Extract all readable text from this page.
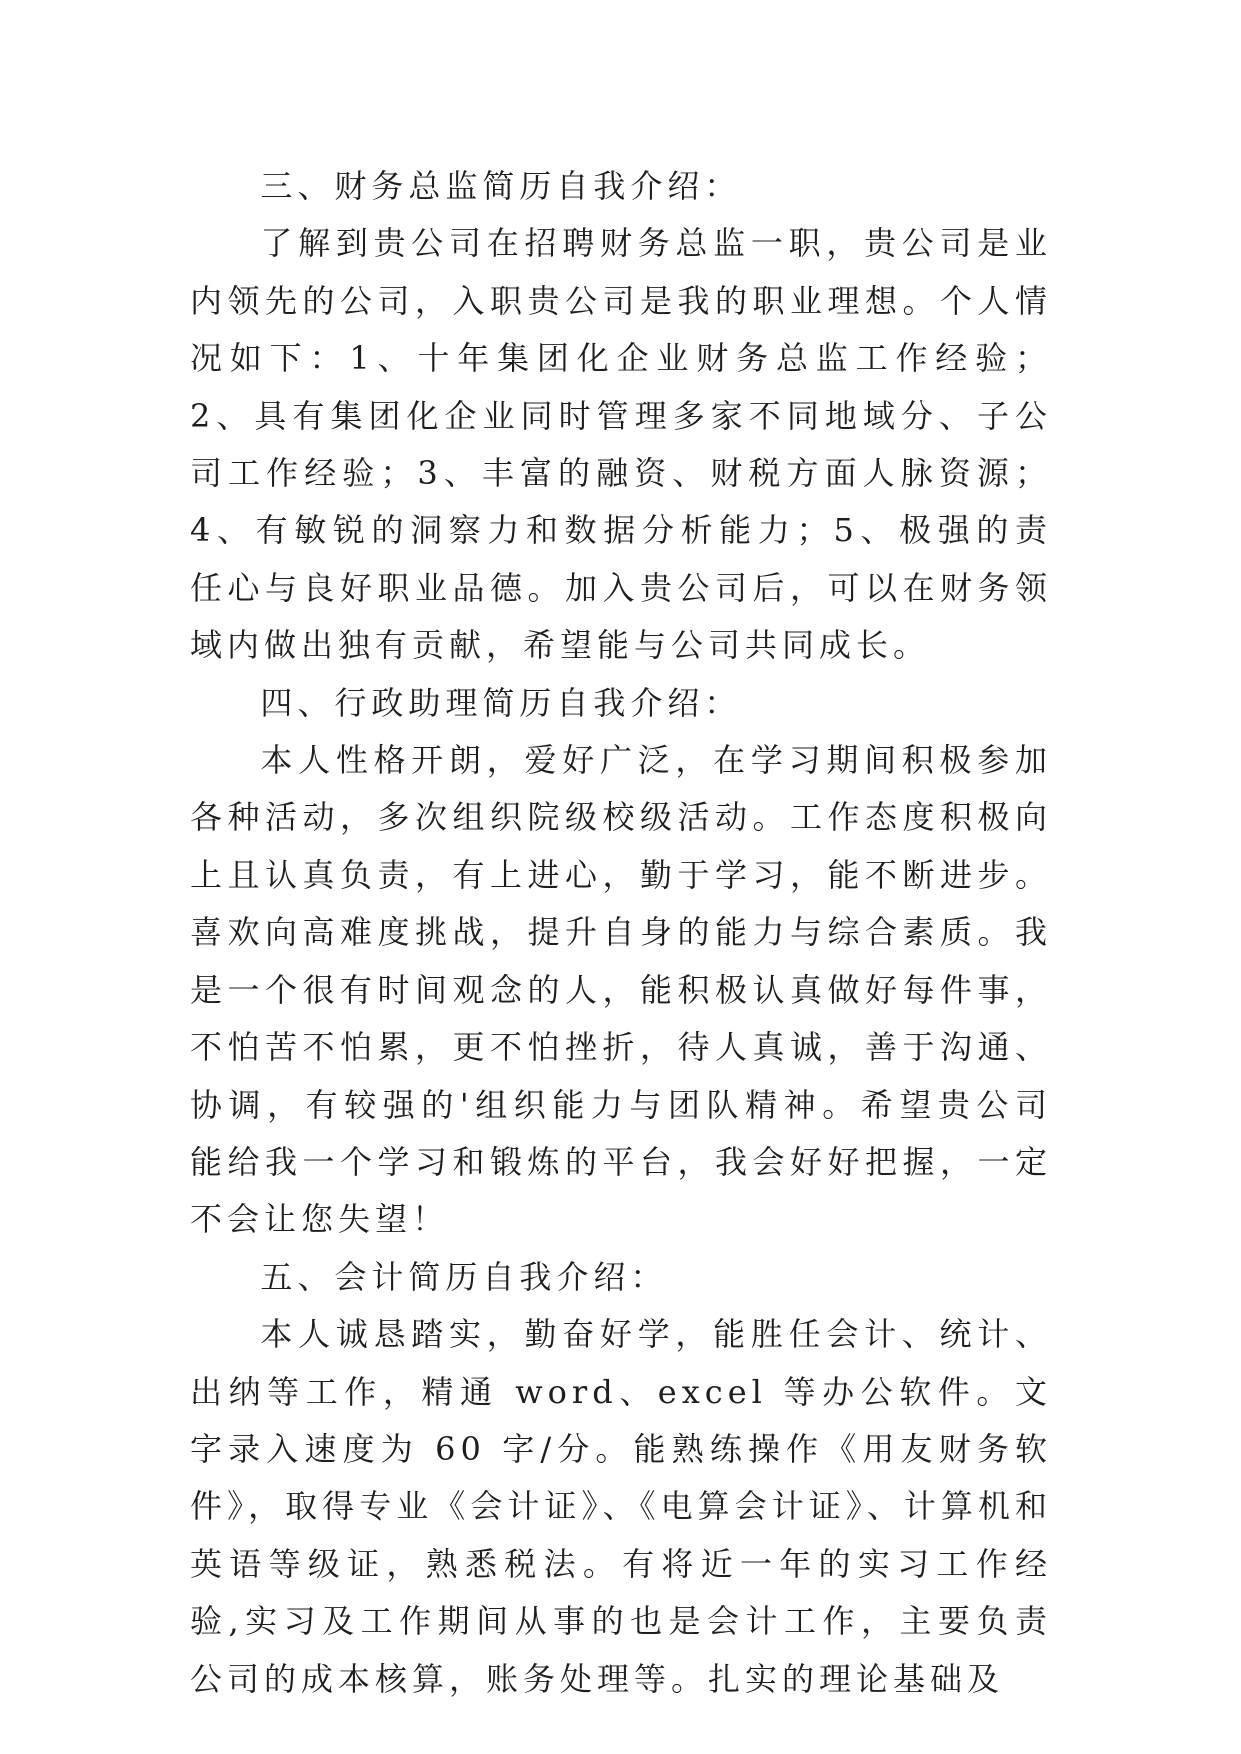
三、财务总监简历自我介绍：

了解到贵公司在招聘财务总监一职，贵公司是业内领先的公司，入职贵公司是我的职业理想。个人情况如下：1、十年集团化企业财务总监工作经验；2、具有集团化企业同时管理多家不同地域分、子公司工作经验；3、丰富的融资、财税方面人脉资源；4、有敏锐的洞察力和数据分析能力；5、极强的责任心与良好职业品德。加入贵公司后，可以在财务领域内做出独有贡献，希望能与公司共同成长。

四、行政助理简历自我介绍：

本人性格开朗，爱好广泛，在学习期间积极参加各种活动，多次组织院级校级活动。工作态度积极向上且认真负责，有上进心，勤于学习，能不断进步。喜欢向高难度挑战，提升自身的能力与综合素质。我是一个很有时间观念的人，能积极认真做好每件事，不怕苦不怕累，更不怕挫折，待人真诚，善于沟通、协调，有较强的'组织能力与团队精神。希望贵公司能给我一个学习和锻炼的平台，我会好好把握，一定不会让您失望！

五、会计简历自我介绍：

本人诚恳踏实，勤奋好学，能胜任会计、统计、出纳等工作，精通 word、excel 等办公软件。文字录入速度为 60 字/分。能熟练操作《用友财务软件》，取得专业《会计证》、《电算会计证》、计算机和英语等级证，熟悉税法。有将近一年的实习工作经验,实习及工作期间从事的也是会计工作，主要负责公司的成本核算，账务处理等。扎实的理论基础及
